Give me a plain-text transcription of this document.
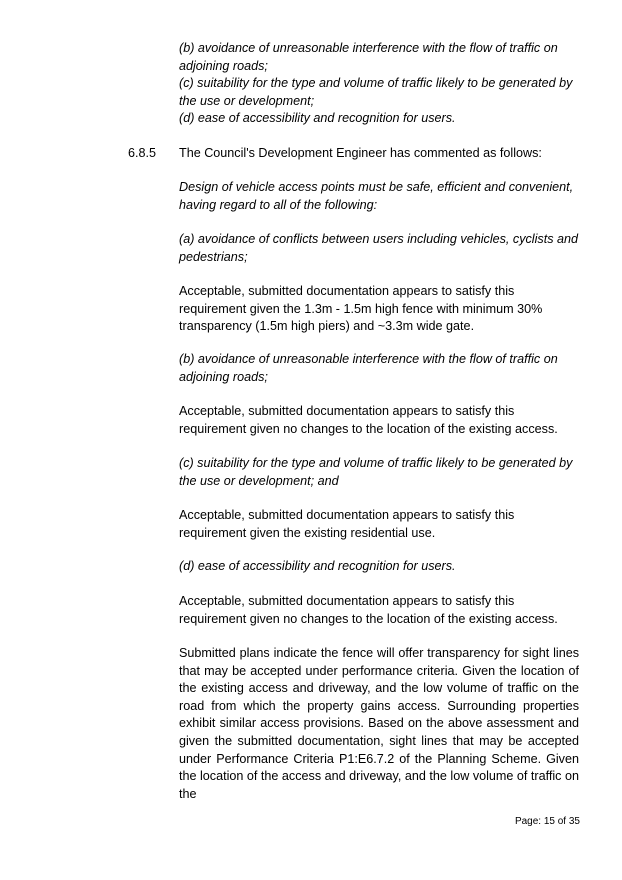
(b) avoidance of unreasonable interference with the flow of traffic on adjoining roads;

(c) suitability for the type and volume of traffic likely to be generated by the use or development;

(d) ease of accessibility and recognition for users.

6.8.5 The Council's Development Engineer has commented as follows:

Design of vehicle access points must be safe, efficient and convenient, having regard to all of the following:

(a) avoidance of conflicts between users including vehicles, cyclists and pedestrians;

Acceptable, submitted documentation appears to satisfy this requirement given the 1.3m - 1.5m high fence with minimum 30% transparency (1.5m high piers) and ~3.3m wide gate.

(b) avoidance of unreasonable interference with the flow of traffic on adjoining roads;

Acceptable, submitted documentation appears to satisfy this requirement given no changes to the location of the existing access.

(c) suitability for the type and volume of traffic likely to be generated by the use or development; and

Acceptable, submitted documentation appears to satisfy this requirement given the existing residential use.

(d) ease of accessibility and recognition for users.

Acceptable, submitted documentation appears to satisfy this requirement given no changes to the location of the existing access.

Submitted plans indicate the fence will offer transparency for sight lines that may be accepted under performance criteria. Given the location of the existing access and driveway, and the low volume of traffic on the road from which the property gains access. Surrounding properties exhibit similar access provisions. Based on the above assessment and given the submitted documentation, sight lines that may be accepted under Performance Criteria P1:E6.7.2 of the Planning Scheme. Given the location of the access and driveway, and the low volume of traffic on the

Page: 15 of 35
